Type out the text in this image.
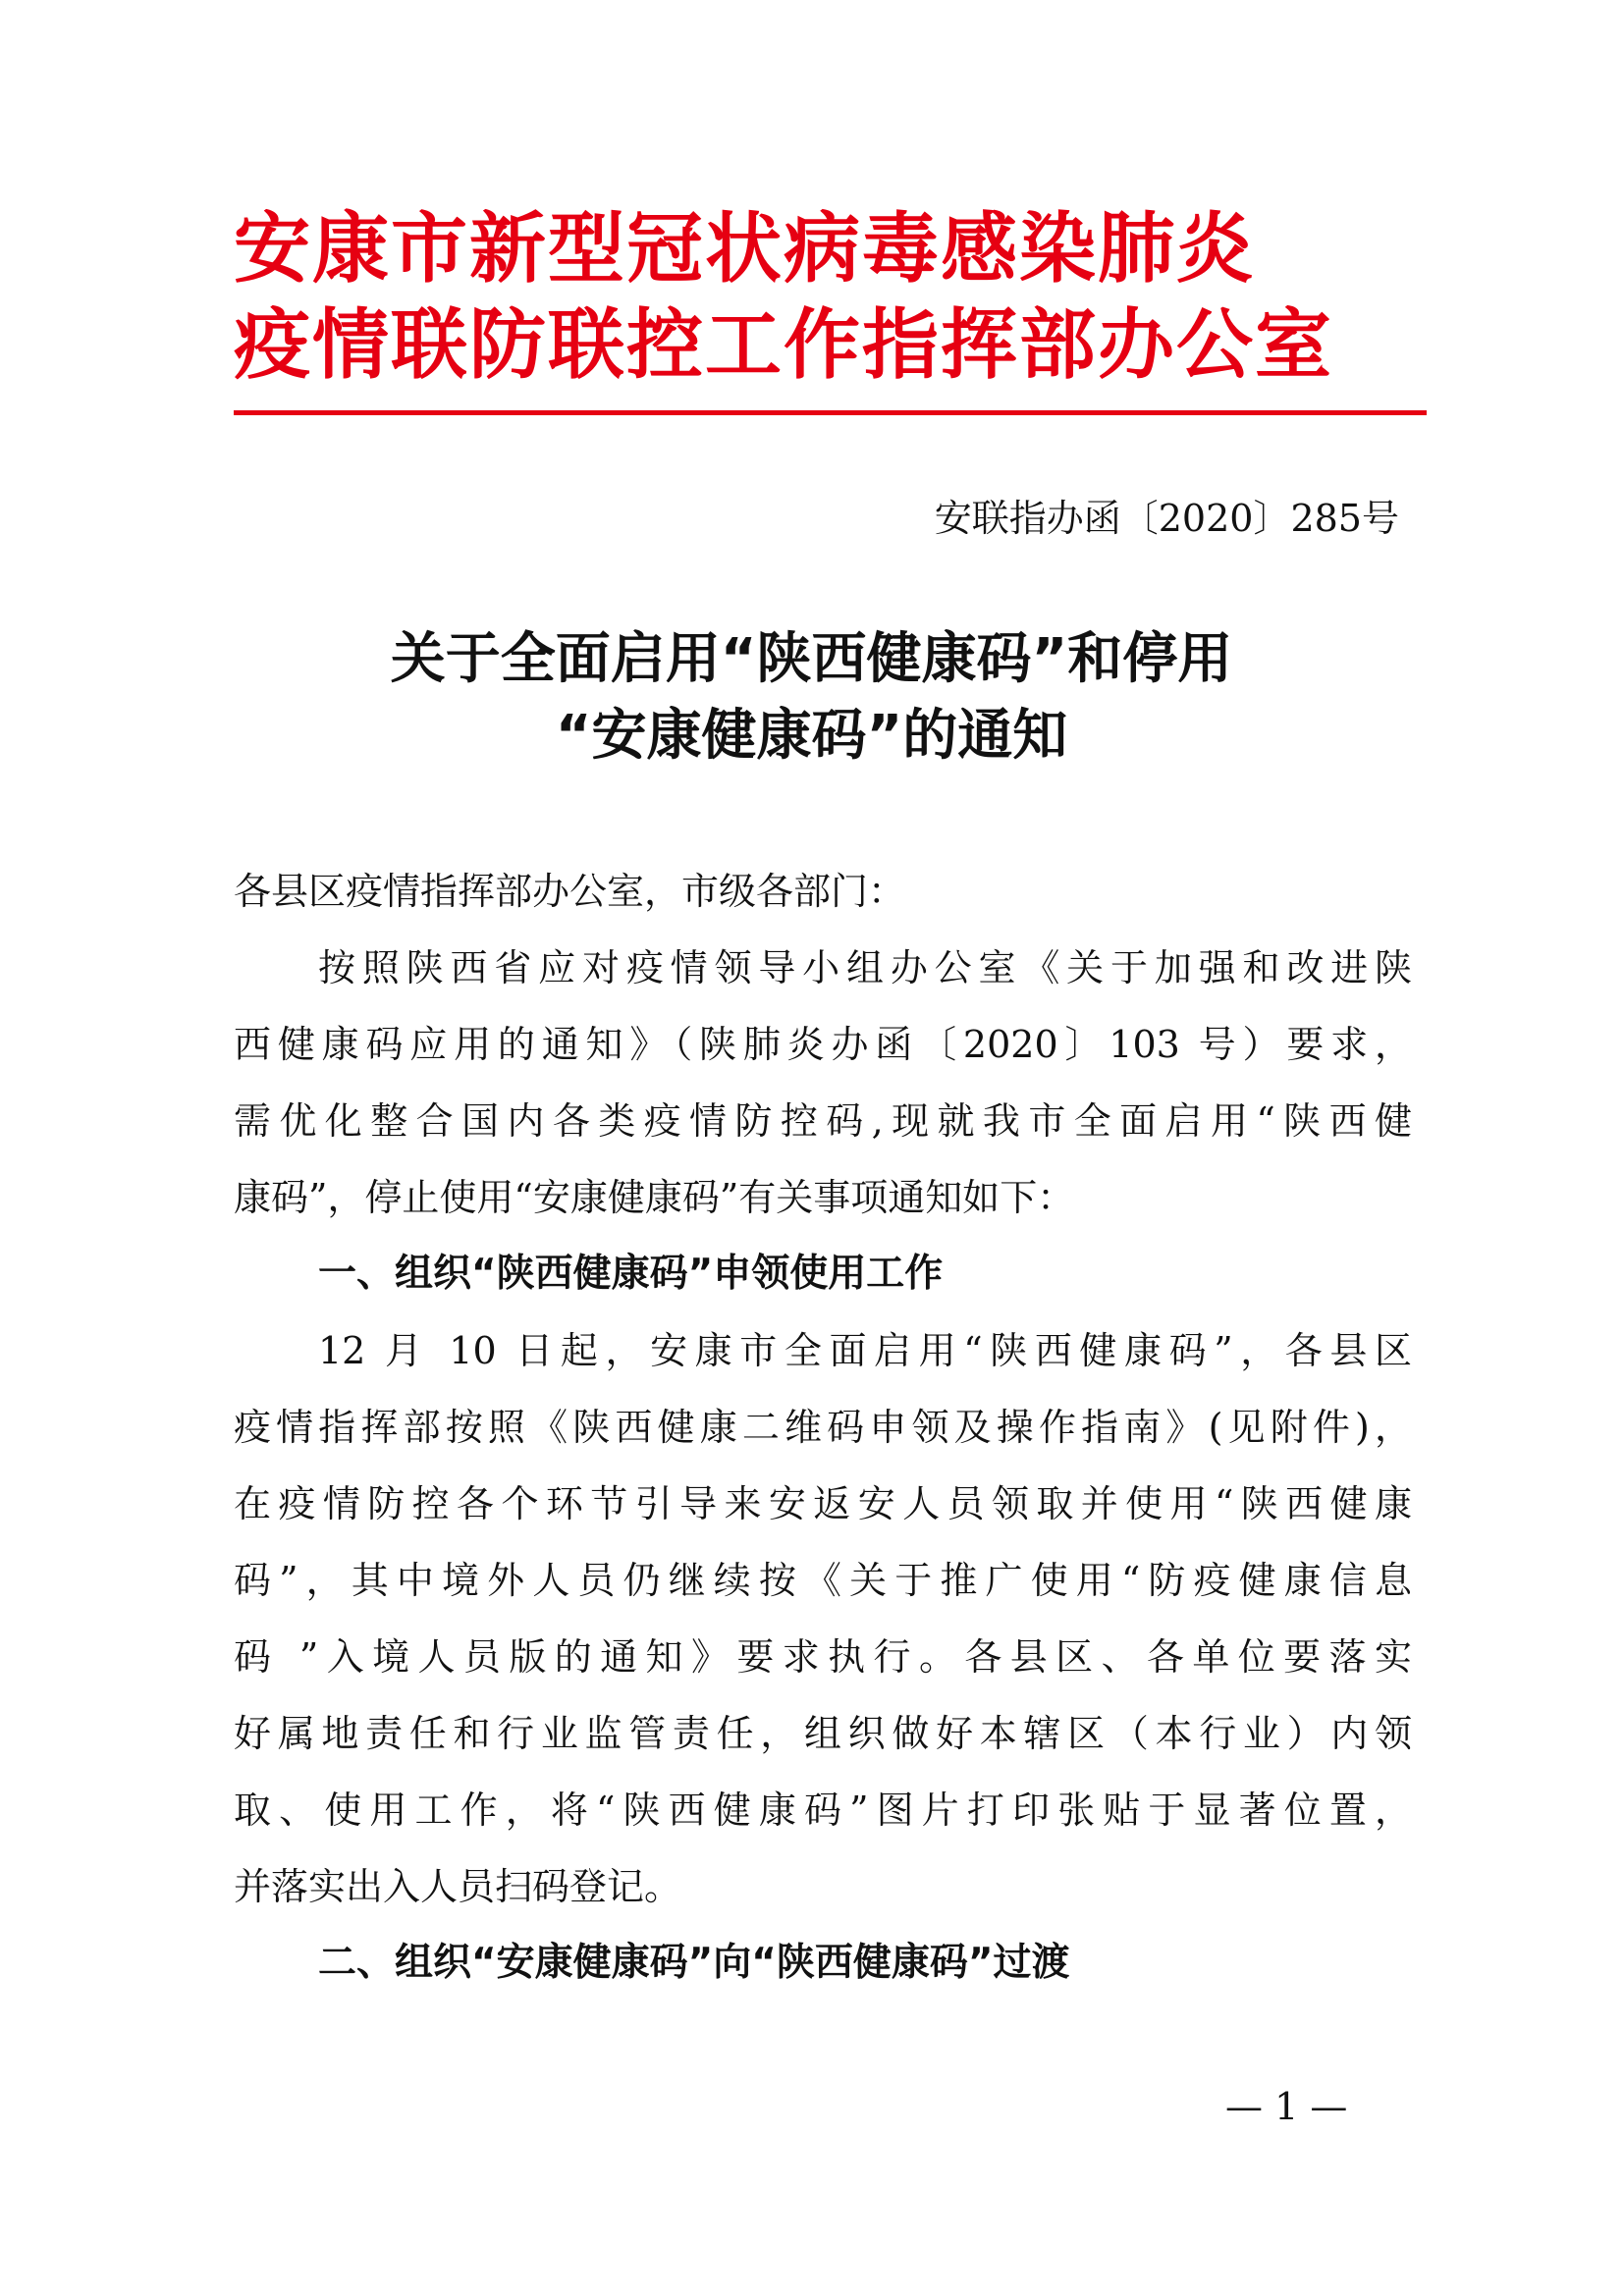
安康市新型冠状病毒感染肺炎
疫情联防联控工作指挥部办公室
安联指办函〔2020〕285号
关于全面启用“陕西健康码”和停用
“安康健康码”的通知
各县区疫情指挥部办公室，市级各部门：
按照陕西省应对疫情领导小组办公室《关于加强和改进陕
西健康码应用的通知》（陕肺炎办函〔2020〕103 号）要求，
需优化整合国内各类疫情防控码,现就我市全面启用“陕西健
康码”，停止使用“安康健康码”有关事项通知如下：
一、组织“陕西健康码”申领使用工作
12 月 10 日起，安康市全面启用“陕西健康码”，各县区
疫情指挥部按照《陕西健康二维码申领及操作指南》(见附件)，
在疫情防控各个环节引导来安返安人员领取并使用“陕西健康
码”，其中境外人员仍继续按《关于推广使用“防疫健康信息
码 ”入境人员版的通知》要求执行。各县区、各单位要落实
好属地责任和行业监管责任，组织做好本辖区（本行业）内领
取、使用工作，将“陕西健康码”图片打印张贴于显著位置，
并落实出入人员扫码登记。
二、组织“安康健康码”向“陕西健康码”过渡
— 1 —
